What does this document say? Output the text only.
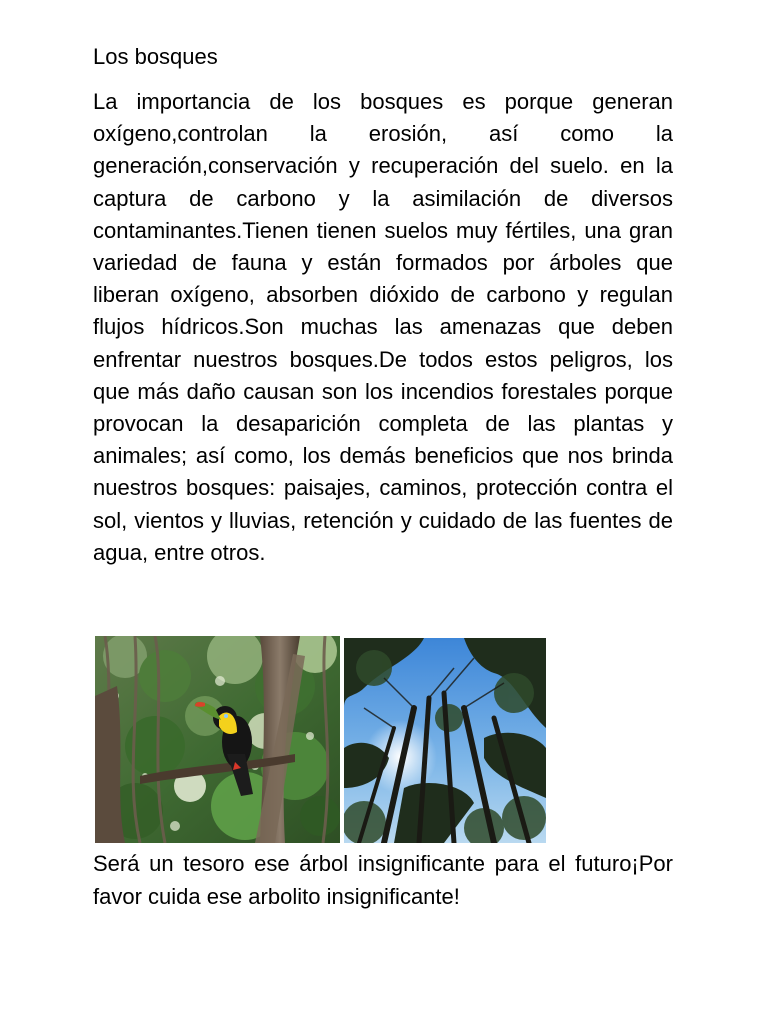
Los bosques

La importancia de los bosques es porque generan oxígeno,controlan la erosión, así como la generación,conservación y recuperación del suelo. en la captura de carbono y la asimilación de diversos contaminantes.Tienen tienen suelos muy fértiles, una gran variedad de fauna y están formados por árboles que liberan oxígeno, absorben dióxido de carbono y regulan flujos hídricos.Son muchas las amenazas que deben enfrentar nuestros bosques.De todos estos peligros, los que más daño causan son los incendios forestales porque provocan la desaparición completa de las plantas y animales; así como, los demás beneficios que nos brinda nuestros bosques: paisajes, caminos, protección contra el sol, vientos y lluvias, retención y cuidado de las fuentes de agua, entre otros.

Será un tesoro ese árbol insignificante para el futuro¡Por favor cuida ese arbolito insignificante!
